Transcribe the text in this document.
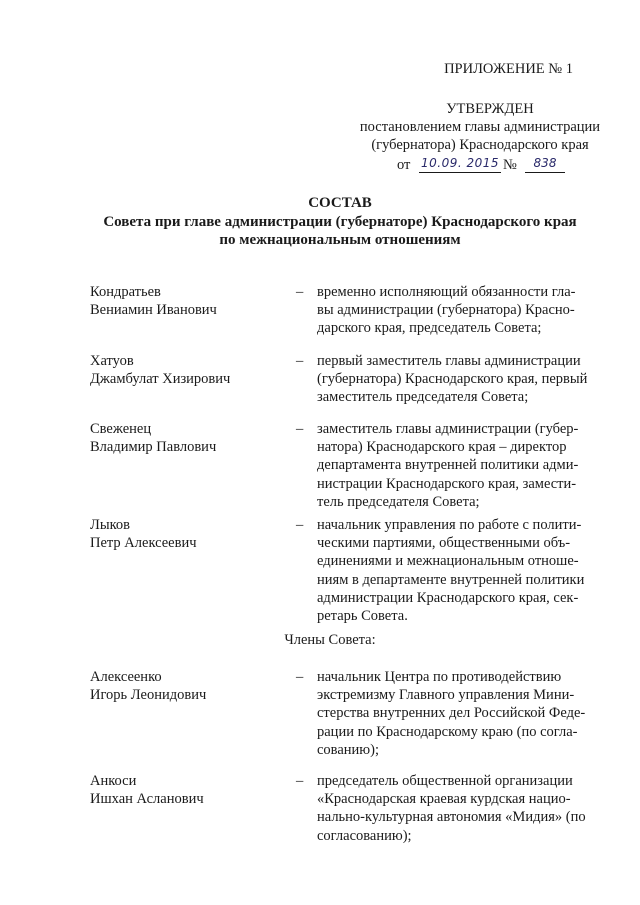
ПРИЛОЖЕНИЕ № 1
УТВЕРЖДЕН
постановлением главы администрации
(губернатора) Краснодарского края
от 10.09. 2015 №	838
СОСТАВ
Совета при главе администрации (губернаторе) Краснодарского края
по межнациональным отношениям
Кондратьев
Вениамин Иванович
– временно исполняющий обязанности гла-
вы администрации (губернатора) Красно-
дарского края, председатель Совета;
Хатуов
Джамбулат Хизирович
– первый заместитель главы администрации
(губернатора) Краснодарского края, первый
заместитель председателя Совета;
Свеженец
Владимир Павлович
– заместитель главы администрации (губер-
натора) Краснодарского края – директор
департамента внутренней политики адми-
нистрации Краснодарского края, замести-
тель председателя Совета;
Лыков
Петр Алексеевич
– начальник управления по работе с полити-
ческими партиями, общественными объ-
единениями и межнациональным отноше-
ниям в департаменте внутренней политики
администрации Краснодарского края, сек-
ретарь Совета.
Члены Совета:
Алексеенко
Игорь Леонидович
– начальник Центра по противодействию
экстремизму Главного управления Мини-
стерства внутренних дел Российской Феде-
рации по Краснодарскому краю (по согла-
сованию);
Анкоси
Ишхан Асланович
– председатель общественной организации
«Краснодарская краевая курдская нацио-
нально-культурная автономия «Мидия» (по
согласованию);
